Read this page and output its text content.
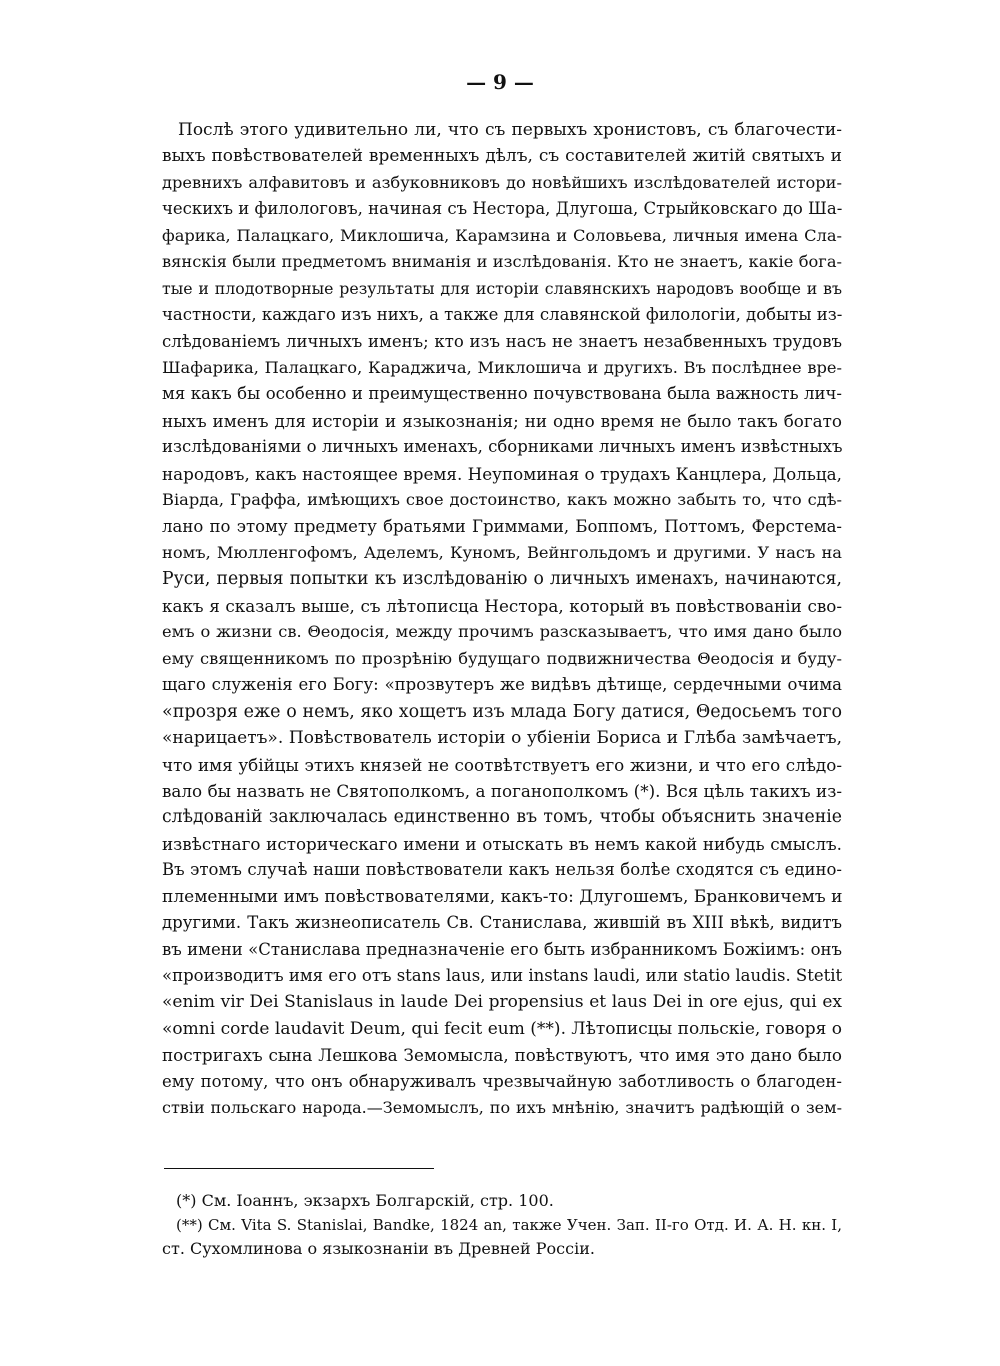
— 9 —
Послѣ этого удивительно ли, что съ первыхъ хронистовъ, съ благочести-
выхъ повѣствователей временныхъ дѣлъ, съ составителей житій святыхъ и
древнихъ алфавитовъ и азбуковниковъ до новѣйшихъ изслѣдователей истори-
ческихъ и филологовъ, начиная съ Нестора, Длугоша, Стрыйковскаго до Ша-
фарика, Палацкаго, Миклошича, Карамзина и Соловьева, личныя имена Сла-
вянскія были предметомъ вниманія и изслѣдованія. Кто не знаетъ, какіе богa-
тые и плодотворные результаты для исторіи славянскихъ народовъ вообще и въ
частности, каждаго изъ нихъ, а также для славянской филологіи, добыты из-
слѣдованіемъ личныхъ именъ; кто изъ насъ не знаетъ незабвенныхъ трудовъ
Шафарика, Палацкаго, Караджича, Миклошича и другихъ. Въ послѣднее вре-
мя какъ бы особенно и преимущественно почувствована была важность лич-
ныхъ именъ для исторіи и языкознанія; ни одно время не было такъ богато
изслѣдованіями о личныхъ именахъ, сборниками личныхъ именъ извѣстныхъ
народовъ, какъ настоящее время. Неупоминая о трудахъ Канцлера, Дольца,
Віарда, Граффа, имѣющихъ свое достоинство, какъ можно забыть то, что сдѣ-
лано по этому предмету братьями Гриммами, Боппомъ, Поттомъ, Ферстема-
номъ, Мюлленгофомъ, Аделемъ, Куномъ, Вейнгольдомъ и другими. У насъ на
Руси, первыя попытки къ изслѣдованію о личныхъ именахъ, начинаются,
какъ я сказалъ выше, съ лѣтописца Нестора, который въ повѣствованіи сво-
емъ о жизни св. Θеодосія, между прочимъ разсказываетъ, что имя дано было
ему священникомъ по прозрѣнію будущаго подвижничества Θеодосія и буду-
щаго служенія его Богу: «прозвутеръ же видѣвъ дѣтище, сердечными очима
«прозря еже о немъ, яко хощетъ изъ млада Богу датися, Θедосьемъ того
«нарицаетъ». Повѣствователь исторіи о убіеніи Бориса и Глѣба замѣчаетъ,
что имя убійцы этихъ князей не соотвѣтствуетъ его жизни, и что его слѣдо-
вало бы назвать не Святополкомъ, а поганополкомъ (*). Вся цѣль такихъ из-
слѣдованій заключалась единственно въ томъ, чтобы объяснить значеніе
извѣстнаго историческаго имени и отыскать въ немъ какой нибудь смыслъ.
Въ этомъ случаѣ наши повѣствователи какъ нельзя болѣе сходятся съ едино-
племенными имъ повѣствователями, какъ-то: Длугошемъ, Бранковичемъ и
другими. Такъ жизнеописатель Св. Станислава, жившій въ XIII вѣкѣ, видитъ
въ имени «Станислава предназначеніе его быть избранникомъ Божіимъ: онъ
«производитъ имя его отъ stans laus, или instans laudi, или statio laudis. Stetit
«enim vir Dei Stanislaus in laude Dei propensius et laus Dei in ore ejus, qui ex
«omni corde laudavit Deum, qui fecit eum (**). Лѣтописцы польскіе, говоря о
постригахъ сына Лешкова Земомысла, повѣствуютъ, что имя это дано было
ему потому, что онъ обнаруживалъ чрезвычайную заботливость о благоден-
ствіи польскаго народа.—Земомыслъ, по ихъ мнѣнію, значитъ радѣющій о зем-
(*) См. Іоаннъ, экзархъ Болгарскій, стр. 100.
(**) См. Vita S. Stanislai, Bandke, 1824 an, также Учен. Зап. II-го Отд. И. А. Н. кн. I,
ст. Сухомлинова о языкознаніи въ Древней Россіи.
